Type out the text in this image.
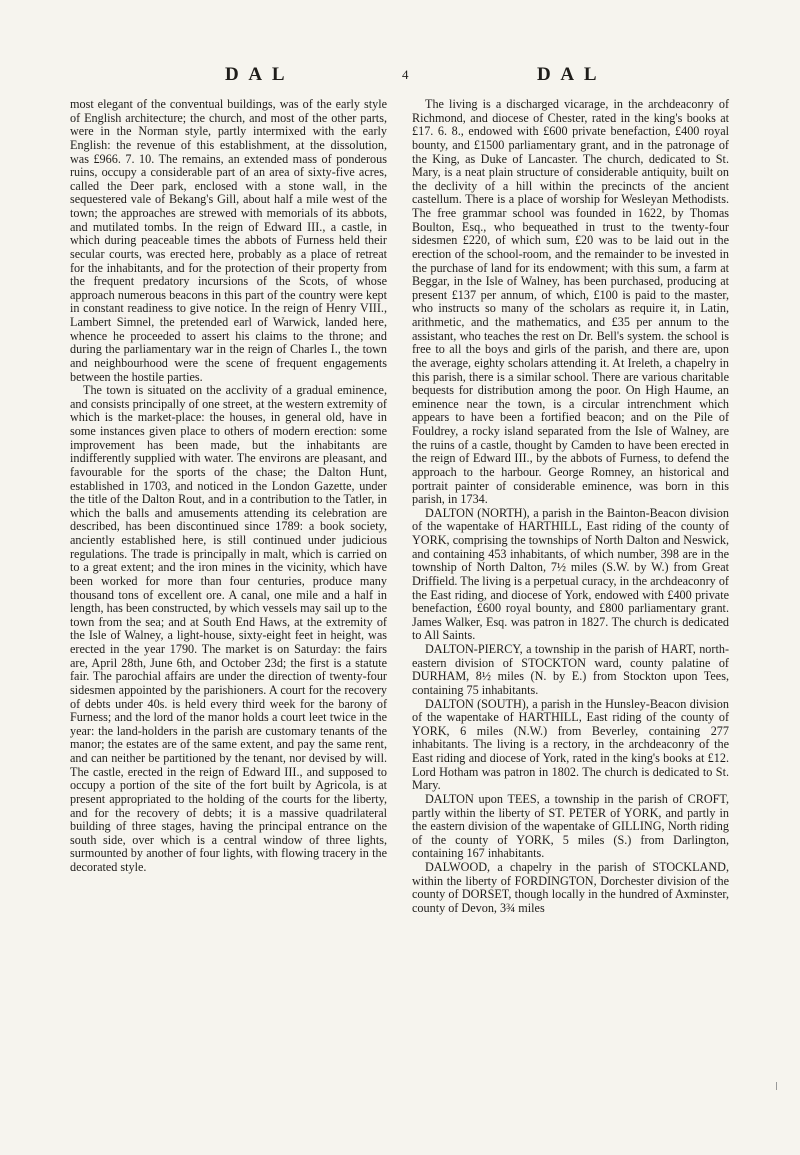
D A L	4	D A L

most elegant of the conventual buildings, was of the early style of English architecture; the church, and most of the other parts, were in the Norman style, partly intermixed with the early English: the revenue of this establishment, at the dissolution, was £966. 7. 10. The remains, an extended mass of ponderous ruins, occupy a considerable part of an area of sixty-five acres, called the Deer park, enclosed with a stone wall, in the sequestered vale of Bekang's Gill, about half a mile west of the town; the approaches are strewed with memorials of its abbots, and mutilated tombs. In the reign of Edward III., a castle, in which during peaceable times the abbots of Furness held their secular courts, was erected here, probably as a place of retreat for the inhabitants, and for the protection of their property from the frequent predatory incursions of the Scots, of whose approach numerous beacons in this part of the country were kept in constant readiness to give notice. In the reign of Henry VIII., Lambert Simnel, the pretended earl of Warwick, landed here, whence he proceeded to assert his claims to the throne; and during the parliamentary war in the reign of Charles I., the town and neighbourhood were the scene of frequent engagements between the hostile parties.

The town is situated on the acclivity of a gradual eminence, and consists principally of one street, at the western extremity of which is the market-place: the houses, in general old, have in some instances given place to others of modern erection: some improvement has been made, but the inhabitants are indifferently supplied with water. The environs are pleasant, and favourable for the sports of the chase; the Dalton Hunt, established in 1703, and noticed in the London Gazette, under the title of the Dalton Rout, and in a contribution to the Tatler, in which the balls and amusements attending its celebration are described, has been discontinued since 1789: a book society, anciently established here, is still continued under judicious regulations. The trade is principally in malt, which is carried on to a great extent; and the iron mines in the vicinity, which have been worked for more than four centuries, produce many thousand tons of excellent ore. A canal, one mile and a half in length, has been constructed, by which vessels may sail up to the town from the sea; and at South End Haws, at the extremity of the Isle of Walney, a light-house, sixty-eight feet in height, was erected in the year 1790. The market is on Saturday: the fairs are, April 28th, June 6th, and October 23d; the first is a statute fair. The parochial affairs are under the direction of twenty-four sidesmen appointed by the parishioners. A court for the recovery of debts under 40s. is held every third week for the barony of Furness; and the lord of the manor holds a court leet twice in the year: the land-holders in the parish are customary tenants of the manor; the estates are of the same extent, and pay the same rent, and can neither be partitioned by the tenant, nor devised by will. The castle, erected in the reign of Edward III., and supposed to occupy a portion of the site of the fort built by Agricola, is at present appropriated to the holding of the courts for the liberty, and for the recovery of debts; it is a massive quadrilateral building of three stages, having the principal entrance on the south side, over which is a central window of three lights, surmounted by another of four lights, with flowing tracery in the decorated style.

The living is a discharged vicarage, in the archdeaconry of Richmond, and diocese of Chester, rated in the king's books at £17. 6. 8., endowed with £600 private benefaction, £400 royal bounty, and £1500 parliamentary grant, and in the patronage of the King, as Duke of Lancaster. The church, dedicated to St. Mary, is a neat plain structure of considerable antiquity, built on the declivity of a hill within the precincts of the ancient castellum. There is a place of worship for Wesleyan Methodists. The free grammar school was founded in 1622, by Thomas Boulton, Esq., who bequeathed in trust to the twenty-four sidesmen £220, of which sum, £20 was to be laid out in the erection of the school-room, and the remainder to be invested in the purchase of land for its endowment; with this sum, a farm at Beggar, in the Isle of Walney, has been purchased, producing at present £137 per annum, of which, £100 is paid to the master, who instructs so many of the scholars as require it, in Latin, arithmetic, and the mathematics, and £35 per annum to the assistant, who teaches the rest on Dr. Bell's system. the school is free to all the boys and girls of the parish, and there are, upon the average, eighty scholars attending it. At Ireleth, a chapelry in this parish, there is a similar school. There are various charitable bequests for distribution among the poor. On High Haume, an eminence near the town, is a circular intrenchment which appears to have been a fortified beacon; and on the Pile of Fouldrey, a rocky island separated from the Isle of Walney, are the ruins of a castle, thought by Camden to have been erected in the reign of Edward III., by the abbots of Furness, to defend the approach to the harbour. George Romney, an historical and portrait painter of considerable eminence, was born in this parish, in 1734.

DALTON (NORTH), a parish in the Bainton-Beacon division of the wapentake of HARTHILL, East riding of the county of YORK, comprising the townships of North Dalton and Neswick, and containing 453 inhabitants, of which number, 398 are in the township of North Dalton, 7½ miles (S.W. by W.) from Great Driffield. The living is a perpetual curacy, in the archdeaconry of the East riding, and diocese of York, endowed with £400 private benefaction, £600 royal bounty, and £800 parliamentary grant. James Walker, Esq. was patron in 1827. The church is dedicated to All Saints.

DALTON-PIERCY, a township in the parish of HART, north-eastern division of STOCKTON ward, county palatine of DURHAM, 8½ miles (N. by E.) from Stockton upon Tees, containing 75 inhabitants.

DALTON (SOUTH), a parish in the Hunsley-Beacon division of the wapentake of HARTHILL, East riding of the county of YORK, 6 miles (N.W.) from Beverley, containing 277 inhabitants. The living is a rectory, in the archdeaconry of the East riding and diocese of York, rated in the king's books at £12. Lord Hotham was patron in 1802. The church is dedicated to St. Mary.

DALTON upon TEES, a township in the parish of CROFT, partly within the liberty of ST. PETER of YORK, and partly in the eastern division of the wapentake of GILLING, North riding of the county of YORK, 5 miles (S.) from Darlington, containing 167 inhabitants.

DALWOOD, a chapelry in the parish of STOCKLAND, within the liberty of FORDINGTON, Dorchester division of the county of DORSET, though locally in the hundred of Axminster, county of Devon, 3¾ miles
